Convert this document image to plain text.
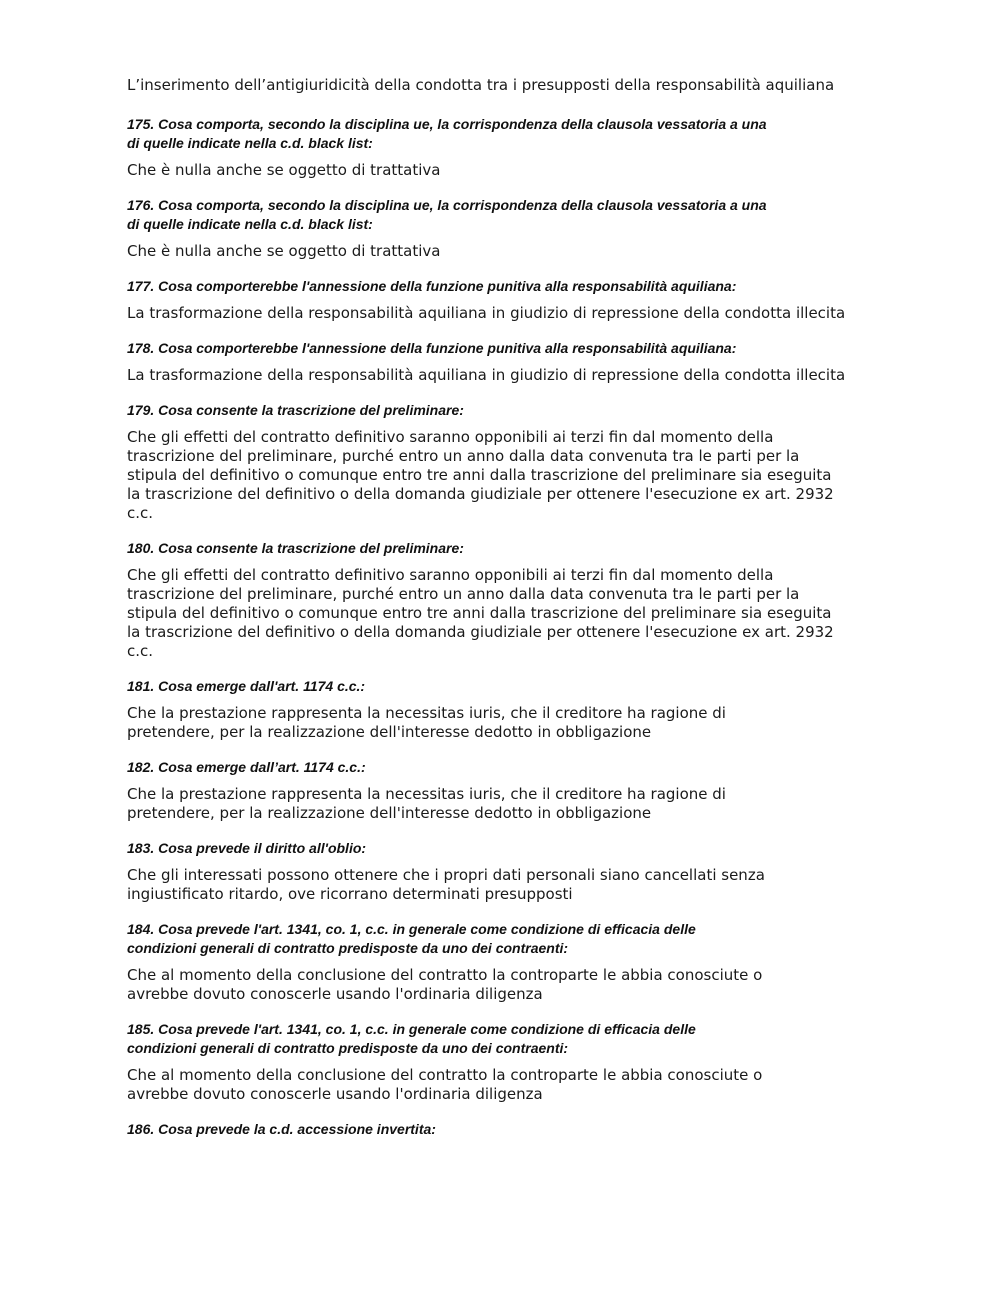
L’inserimento dell’antigiuridicità della condotta tra i presupposti della responsabilità aquiliana

175. Cosa comporta, secondo la disciplina ue, la corrispondenza della clausola vessatoria a una
di quelle indicate nella c.d. black list:
Che è nulla anche se oggetto di trattativa
176. Cosa comporta, secondo la disciplina ue, la corrispondenza della clausola vessatoria a una
di quelle indicate nella c.d. black list:
Che è nulla anche se oggetto di trattativa
177. Cosa comporterebbe l'annessione della funzione punitiva alla responsabilità aquiliana:
La trasformazione della responsabilità aquiliana in giudizio di repressione della condotta illecita
178. Cosa comporterebbe l'annessione della funzione punitiva alla responsabilità aquiliana:
La trasformazione della responsabilità aquiliana in giudizio di repressione della condotta illecita
179. Cosa consente la trascrizione del preliminare:
Che gli effetti del contratto definitivo saranno opponibili ai terzi fin dal momento della
trascrizione del preliminare, purché entro un anno dalla data convenuta tra le parti per la
stipula del definitivo o comunque entro tre anni dalla trascrizione del preliminare sia eseguita
la trascrizione del definitivo o della domanda giudiziale per ottenere l'esecuzione ex art. 2932
c.c.
180. Cosa consente la trascrizione del preliminare:
Che gli effetti del contratto definitivo saranno opponibili ai terzi fin dal momento della
trascrizione del preliminare, purché entro un anno dalla data convenuta tra le parti per la
stipula del definitivo o comunque entro tre anni dalla trascrizione del preliminare sia eseguita
la trascrizione del definitivo o della domanda giudiziale per ottenere l'esecuzione ex art. 2932
c.c.
181. Cosa emerge dall'art. 1174 c.c.:
Che la prestazione rappresenta la necessitas iuris, che il creditore ha ragione di
pretendere, per la realizzazione dell'interesse dedotto in obbligazione
182. Cosa emerge dall’art. 1174 c.c.:
Che la prestazione rappresenta la necessitas iuris, che il creditore ha ragione di
pretendere, per la realizzazione dell'interesse dedotto in obbligazione
183. Cosa prevede il diritto all'oblio:
Che gli interessati possono ottenere che i propri dati personali siano cancellati senza
ingiustificato ritardo, ove ricorrano determinati presupposti
184. Cosa prevede l'art. 1341, co. 1, c.c. in generale come condizione di efficacia delle
condizioni generali di contratto predisposte da uno dei contraenti:
Che al momento della conclusione del contratto la controparte le abbia conosciute o
avrebbe dovuto conoscerle usando l'ordinaria diligenza
185. Cosa prevede l'art. 1341, co. 1, c.c. in generale come condizione di efficacia delle
condizioni generali di contratto predisposte da uno dei contraenti:
Che al momento della conclusione del contratto la controparte le abbia conosciute o
avrebbe dovuto conoscerle usando l'ordinaria diligenza
186. Cosa prevede la c.d. accessione invertita:
